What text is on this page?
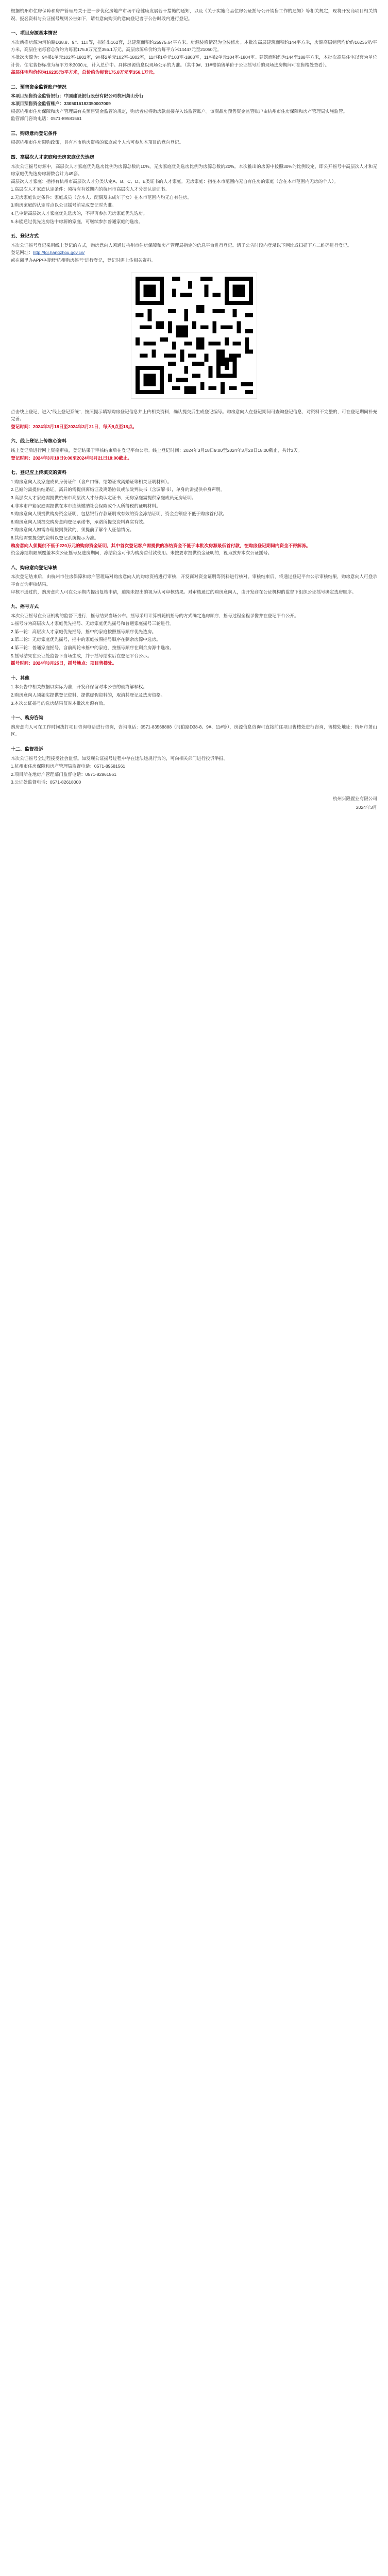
根据杭州市住房保障和房产管理局关于进一步优化房地产市场平稳健康发展若干措施的通知，以及《关于实施商品住房公证摇号公开销售工作的通知》等相关规定，现将开发商项目相关情况、报名资料与公证摇号规则公告如下，请有意向购买的意向登记者于公告时段内进行登记。

一、项目房源基本情况

本次新推房源为河伯路D38.8、9#、11#等，拟推出162套，总建筑面积约25975.64平方米。房源装修情况为全装修房。本批次高层建筑面积约144平方米，房源高层销售均价约16235元/平方米，高层住宅每套总价约为每套175.8万元至356.1万元，高层房源单价约为每平方米14447元至21050元。

本批次房源为：9#楼1单元102室-1802室，9#楼2单元102室-1802室，11#楼1单元103室-1803室，11#楼2单元104室-1804室。建筑面积约为144至188平方米，本批次高层住宅以套为单位计价。住宅装修标准为每平方米3000元，计入总价中。具体房源信息以现场公示的为准。（其中9#、11#楼销售单价于公证摇号后的现场选房期间可在售楼处查看）。

高层住宅均价约为16235元/平方米，总价约为每套175.8万元至356.1万元。

二、预售资金监管账户情况

本项目预售资金监管银行：中国建设银行股份有限公司杭州萧山分行

本项目预售资金监管账户：3305016182350007009

根据杭州市住房保障和房产管理局有关预售资金监管的规定，购房者应将购房款直接存入该监管账户。该商品房预售资金监管账户由杭州市住房保障和房产管理局实施监管。

监管部门咨询电话：0571-89581561

三、购房意向登记条件

根据杭州市住房限购政策，具有本市购房资格的家庭或个人均可参加本项目的意向登记。

四、高层次人才家庭和无房家庭优先选房

本次公证摇号房源中，高层次人才家庭优先选房比例为房源总数的10%，无房家庭优先选房比例为房源总数的20%。本次推出的房源中按照30%的比例设定，即公开摇号中高层次人才和无房家庭优先选房房源数合计为49套。

高层次人才家庭：指持有杭州市高层次人才分类认定A、B、C、D、E类证书的人才家庭。无房家庭：指在本市范围内无自有住房的家庭（含在本市范围内无房的个人）。

1.高层次人才家庭认定条件：须持有有效期内的杭州市高层次人才分类认定证书。

2.无房家庭认定条件：家庭成员（含本人、配偶及未成年子女）在本市范围内均无自有住房。

3.购房家庭的认定时点以公证摇号前完成登记时为准。

4.已申请高层次人才家庭优先选房的，不得再参加无房家庭优先选房。

5.未能通过优先选房选中房源的家庭，可继续参加普通家庭的选房。

五、登记方式

本次公证摇号登记采用线上登记的方式，购房意向人须通过杭州市住房保障和房产管理局指定的信息平台进行登记。请于公告时段内登录以下网址或扫描下方二维码进行登记。

登记网址：http://fgj.hangzhou.gov.cn/

或在浙里办APP中搜索"杭州购房摇号"进行登记，登记时需上传相关资料。

点击线上登记，进入"线上登记系统"，按照提示填写购房登记信息并上传相关资料，确认提交后生成登记编号。购房意向人在登记期间可查询登记信息，对资料不完整的，可在登记期间补充完善。

登记时间：2024年3月18日至2024年3月21日，每天9点至18点。

六、线上登记上传核心资料

线上登记后进行网上资格审核，登记结果于审核结束后在登记平台公示。线上登记时间：2024年3月18日9:00至2024年3月20日18:00截止，共计3天。

登记时间：2024年3月18日9:00至2024年3月21日18:00截止。

七、登记应上传填交的资料

1.购房意向人及家庭成员身份证件（含户口簿、结婚证或离婚证等相关证明材料）。

2.已婚的需提供结婚证，离异的需提供离婚证及离婚协议或法院判决书（含调解书），单身的需提供单身声明。

3.高层次人才家庭需提供杭州市高层次人才分类认定证书，无房家庭需提供家庭成员无房证明。

4.非本市户籍家庭需提供在本市连续缴纳社会保险或个人所得税的证明材料。

5.购房意向人须提供购房资金证明，包括银行存款证明或有效的资金冻结证明，资金金额应不低于购房首付款。

6.购房意向人须提交购房意向登记承诺书，承诺所提交资料真实有效。

7.购房意向人如需办理按揭贷款的，须提前了解个人征信情况。

8.其他需要提交的资料以登记系统提示为准。

购房意向人须提供不低于220万元的购房资金证明，其中首次登记客户需提供的冻结资金不低于本批次房源最低首付款，在购房登记期间内资金不得解冻。

资金冻结期限须覆盖本次公证摇号及选房期间，冻结资金可作为购房首付款使用。未按要求提供资金证明的，视为放弃本次公证摇号。

八、购房意向登记审核

本次登记结束后，由杭州市住房保障和房产管理局对购房意向人的购房资格进行审核，开发商对资金证明等资料进行核对。审核结束后，将通过登记平台公示审核结果，购房意向人可登录平台查询审核结果。

审核不通过的，购房意向人可在公示期内提出复核申请，逾期未提出的视为认可审核结果。对审核通过的购房意向人，由开发商在公证机构的监督下组织公证摇号确定选房顺序。

九、摇号方式

本次公证摇号在公证机构的监督下进行，摇号结果当场公布。摇号采用计算机随机摇号的方式确定选房顺序，摇号过程全程录像并在登记平台公开。

1.摇号分为高层次人才家庭优先摇号、无房家庭优先摇号和普通家庭摇号三轮进行。

2.第一轮：高层次人才家庭优先摇号，摇中的家庭按照摇号顺序优先选房。

3.第二轮：无房家庭优先摇号，摇中的家庭按照摇号顺序在剩余房源中选房。

4.第三轮：普通家庭摇号，含前两轮未摇中的家庭，按摇号顺序在剩余房源中选房。

5.摇号结果在公证处监督下当场生成，并于摇号结束后在登记平台公示。

摇号时间：2024年3月25日，摇号地点：项目售楼处。

十、其他

1.本公告中相关数据以实际为准，开发商保留对本公告的最终解释权。

2.购房意向人须如实提供登记资料，提供虚假资料的，取消其登记及选房资格。

3.本次公证摇号的选房结果仅对本批次房源有效。

十一、购房咨询

购房意向人可在工作时间拨打项目咨询电话进行咨询，咨询电话：0571-83568888（河伯路D38-8、9#、11#等），房源信息咨询可直接前往项目售楼处进行咨询，售楼处地址：杭州市萧山区。

十二、监督投诉

本次公证摇号全过程接受社会监督。如发现公证摇号过程中存在违法违规行为的，可向相关部门进行投诉举报。

1.杭州市住房保障和房产管理局监督电话：0571-89581561

2.项目所在地房产管理部门监督电话：0571-82861561

3.公证处监督电话：0571-82618000

杭州兴隆置业有限公司
2024年3月
